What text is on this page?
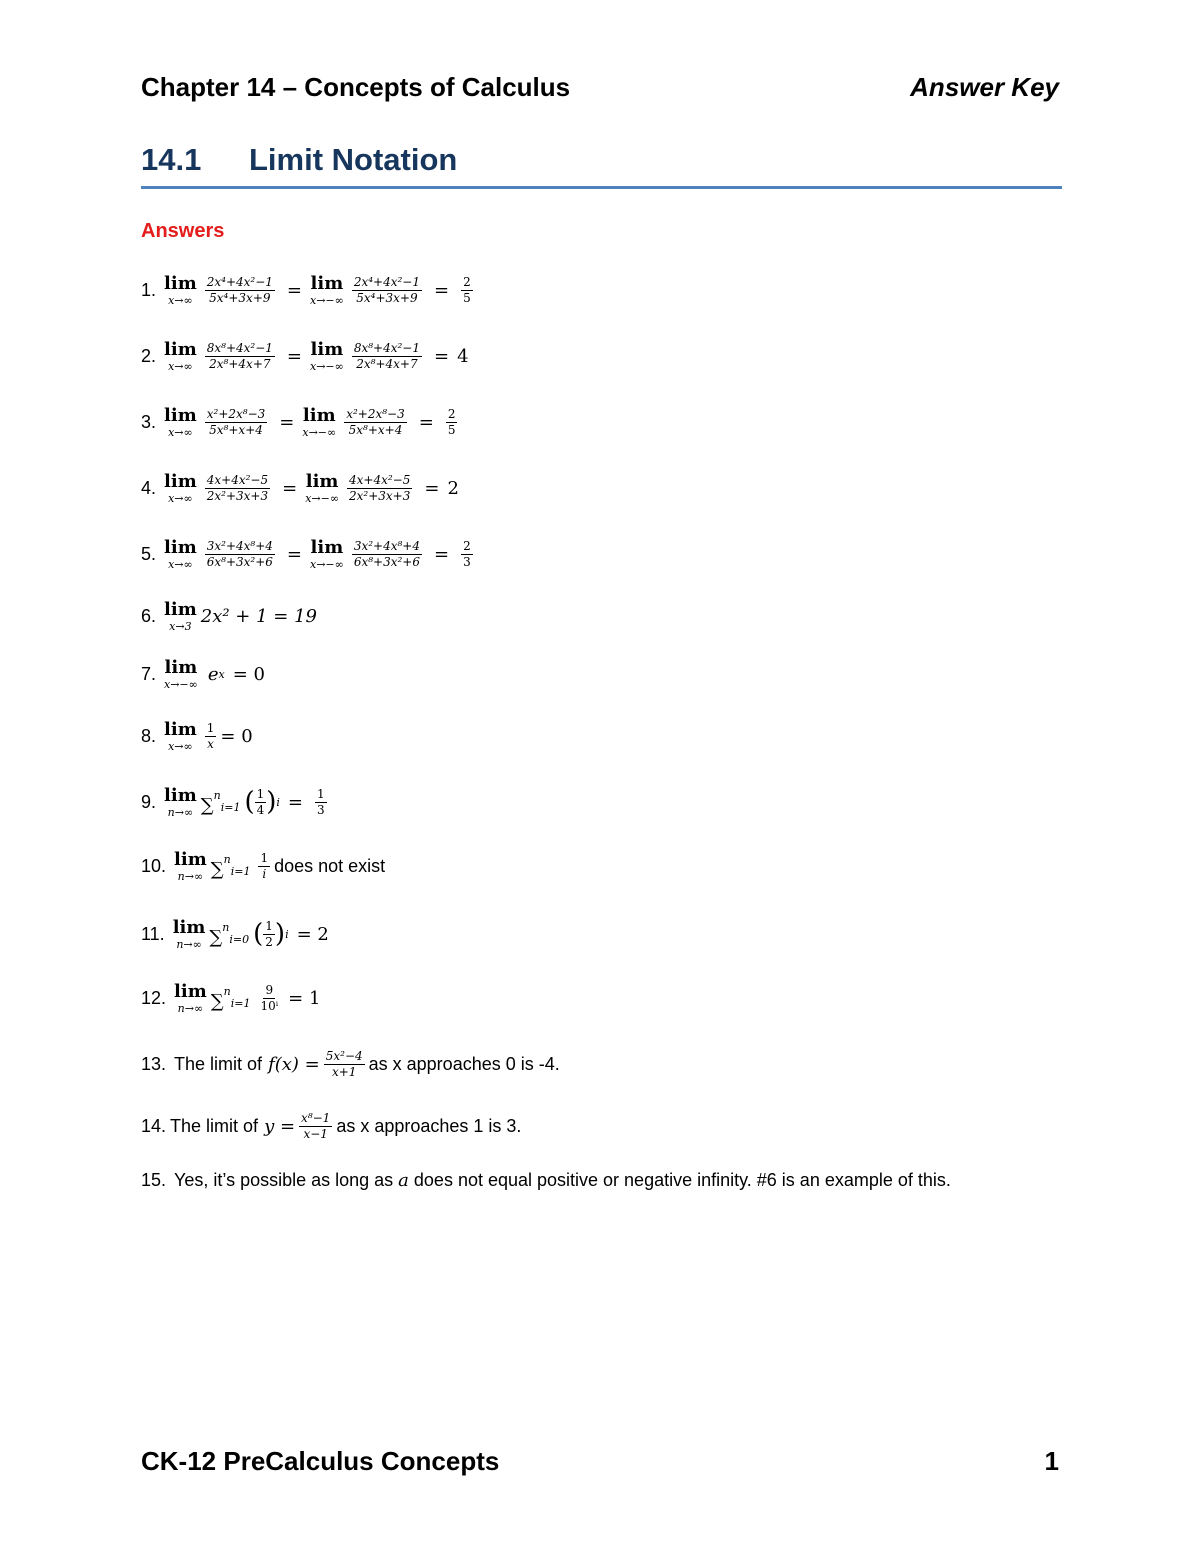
Chapter 14 – Concepts of Calculus	Answer Key
14.1 Limit Notation
Answers
1. lim
$x\to\infty \frac{\text{2x⁴+4x²−1}}{\text{5x⁴+3x+9}} = \lim$
$x\to-\infty \frac{\text{2x⁴+4x²−1}}{\text{5x⁴+3x+9}} = \frac{2}{5}$
2. lim
$x\to\infty \frac{\text{8x⁸+4x²−1}}{\text{2x⁸+4x+7}} = \lim$
$x\to-\infty \frac{\text{8x⁸+4x²−1}}{\text{2x⁸+4x+7}} = 4$
3. lim
$x\to\infty \frac{\text{x²+2x⁸−3}}{\text{5x⁸+x+4}} = \lim$
$x\to-\infty \frac{\text{x²+2x⁸−3}}{\text{5x⁸+x+4}} = \frac{2}{5}$
4. lim
$x\to\infty \frac{\text{4x+4x²−5}}{\text{2x²+3x+3}} = \lim$
$x\to-\infty \frac{\text{4x+4x²−5}}{\text{2x²+3x+3}} = 2$
5. lim
$x\to\infty \frac{\text{3x²+4x⁸+4}}{\text{6x⁸+3x²+6}} = \lim$
$x\to-\infty \frac{\text{3x²+4x⁸+4}}{\text{6x⁸+3x²+6}} = \frac{2}{3}$
6. lim
x→3 2x² + 1 = 19
7. lim
x→−∞ e x = 0
8. lim
$x\to\infty \frac{1}{x} = 0$
9. lim
n→∞ ∑$^n$i=1 ( $\frac{1}{4}$ ) $i = \frac{1}{3}$
10. lim
n→∞ $\sum^ni=1 \frac{1}{i}$ does not exist
11. lim
n→∞ ∑$^n$i=0 ( $\frac{1}{2}$ ) i = 2
12. lim
n→∞ $\sum^ni=1 \frac{9}{\text{10ⁱ}} = 1$
13. The limit of $f(x) = \frac{\text{5x²−4}}{x+1}$ as x approaches 0 is -4.
14. The limit of $y = \frac{\text{x⁸−1}}{x-1}$ as x approaches 1 is 3.
15. Yes, it’s possible as long as a does not equal positive or negative infinity. #6 is an example of this.
CK-12 PreCalculus Concepts	1
